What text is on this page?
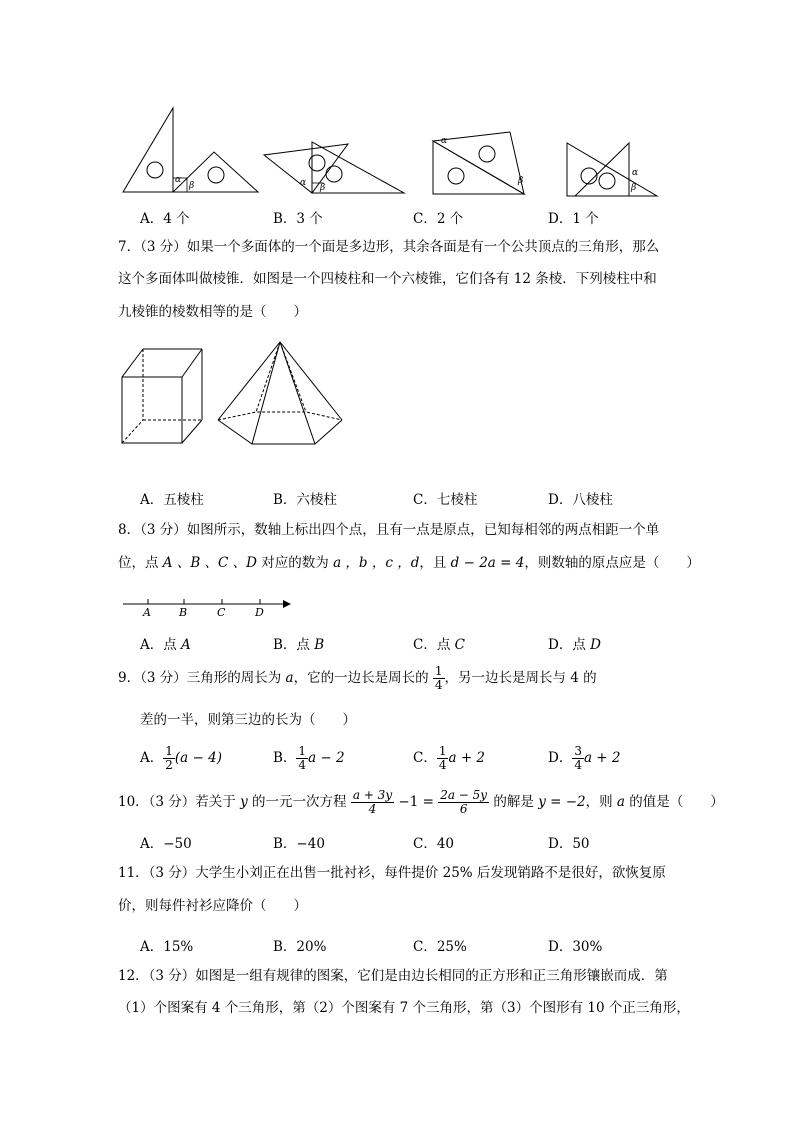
α
β	α β
α
β
α
β
A．4 个	B．3 个	C．2 个	D．1 个
7．（3 分）如果一个多面体的一个面是多边形，其余各面是有一个公共顶点的三角形，那么
这个多面体叫做棱锥．如图是一个四棱柱和一个六棱锥，它们各有 12 条棱．下列棱柱中和
九棱锥的棱数相等的是（　　）
A．五棱柱	B．六棱柱	C．七棱柱	D．八棱柱
8．（3 分）如图所示，数轴上标出四个点，且有一点是原点，已知每相邻的两点相距一个单
位，点 A 、B 、C 、D 对应的数为 a ，b ，c ，d，且 d − 2a = 4，则数轴的原点应是（　　）
A	B	C	D
A．点 A	B．点 B	C．点 C	D．点 D
9．（3 分）三角形的周长为 a，它的一边长是周长的 $\frac{1}{4}$ ，另一边长是周长与 4 的
差的一半，则第三边的长为（　　）
A． $\frac{1}{2} (a - 4)$	B． $\frac{1}{4}$ a − 2	C． $\frac{1}{4}$ a + 2	D． $\frac{3}{4}$ a + 2
10．（3 分）若关于 y 的一元一次方程 $\frac{a + 3y}{4} -1 = \frac{2a - 5y}{6}$ 的解是 y = −2，则 a 的值是（　　）
A．−50	B．−40	C．40	D．50
11．（3 分）大学生小刘正在出售一批衬衫，每件提价 25% 后发现销路不是很好，欲恢复原
价，则每件衬衫应降价（　　）
A．15%	B．20%	C．25%	D．30%
12．（3 分）如图是一组有规律的图案，它们是由边长相同的正方形和正三角形镶嵌而成．第
（1）个图案有 4 个三角形，第（2）个图案有 7 个三角形，第（3）个图形有 10 个正三角形，
